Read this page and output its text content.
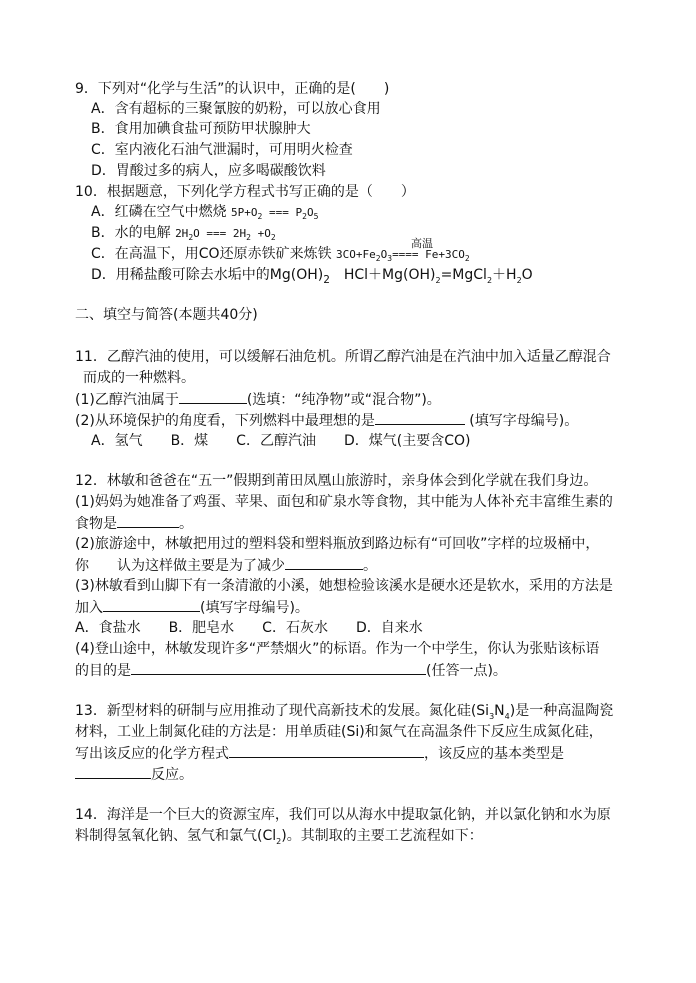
9．下列对“化学与生活”的认识中，正确的是(　　)
A．含有超标的三聚氰胺的奶粉，可以放心食用
B．食用加碘食盐可预防甲状腺肿大
C．室内液化石油气泄漏时，可用明火检查
D．胃酸过多的病人，应多喝碳酸饮料
10．根据题意，下列化学方程式书写正确的是（　　）
A．红磷在空气中燃烧 $5P+O_2$ === $P_2O_5$
B．水的电解 $2H_2O$ === $2H_2 +O_2$	高温
C．在高温下，用CO还原赤铁矿来炼铁 $3CO+Fe_2O_3==== Fe+3CO_2$
D．用稀盐酸可除去水垢中的$Mg(OH)_2$　$HCl+Mg(OH)_2=MgCl_2+H_2O$
二、填空与简答(本题共40分)
11．乙醇汽油的使用，可以缓解石油危机。所谓乙醇汽油是在汽油中加入适量乙醇混合
而成的一种燃料。
(1)乙醇汽油属于	(选填：“纯净物”或“混合物”)。
(2)从环境保护的角度看，下列燃料中最理想的是	(填写字母编号)。
A．氢气　　B．煤　　C．乙醇汽油　　D．煤气(主要含CO)
12．林敏和爸爸在“五一”假期到莆田凤凰山旅游时，亲身体会到化学就在我们身边。
(1)妈妈为她准备了鸡蛋、苹果、面包和矿泉水等食物，其中能为人体补充丰富维生素的
食物是	。
(2)旅游途中，林敏把用过的塑料袋和塑料瓶放到路边标有“可回收”字样的垃圾桶中，
你　　认为这样做主要是为了减少	。
(3)林敏看到山脚下有一条清澈的小溪，她想检验该溪水是硬水还是软水，采用的方法是
加入	(填写字母编号)。
A．食盐水　　B．肥皂水　　C．石灰水　　D．自来水
(4)登山途中，林敏发现许多“严禁烟火”的标语。作为一个中学生，你认为张贴该标语
的目的是	(任答一点)。
13．新型材料的研制与应用推动了现代高新技术的发展。氮化硅$(Si_3N_4)$是一种高温陶瓷
材料，工业上制氮化硅的方法是：用单质硅(Si)和氮气在高温条件下反应生成氮化硅，
写出该反应的化学方程式	，该反应的基本类型是
反应。
14．海洋是一个巨大的资源宝库，我们可以从海水中提取氯化钠，并以氯化钠和水为原
料制得氢氧化钠、氢气和氯气$(Cl_2)$。其制取的主要工艺流程如下：
